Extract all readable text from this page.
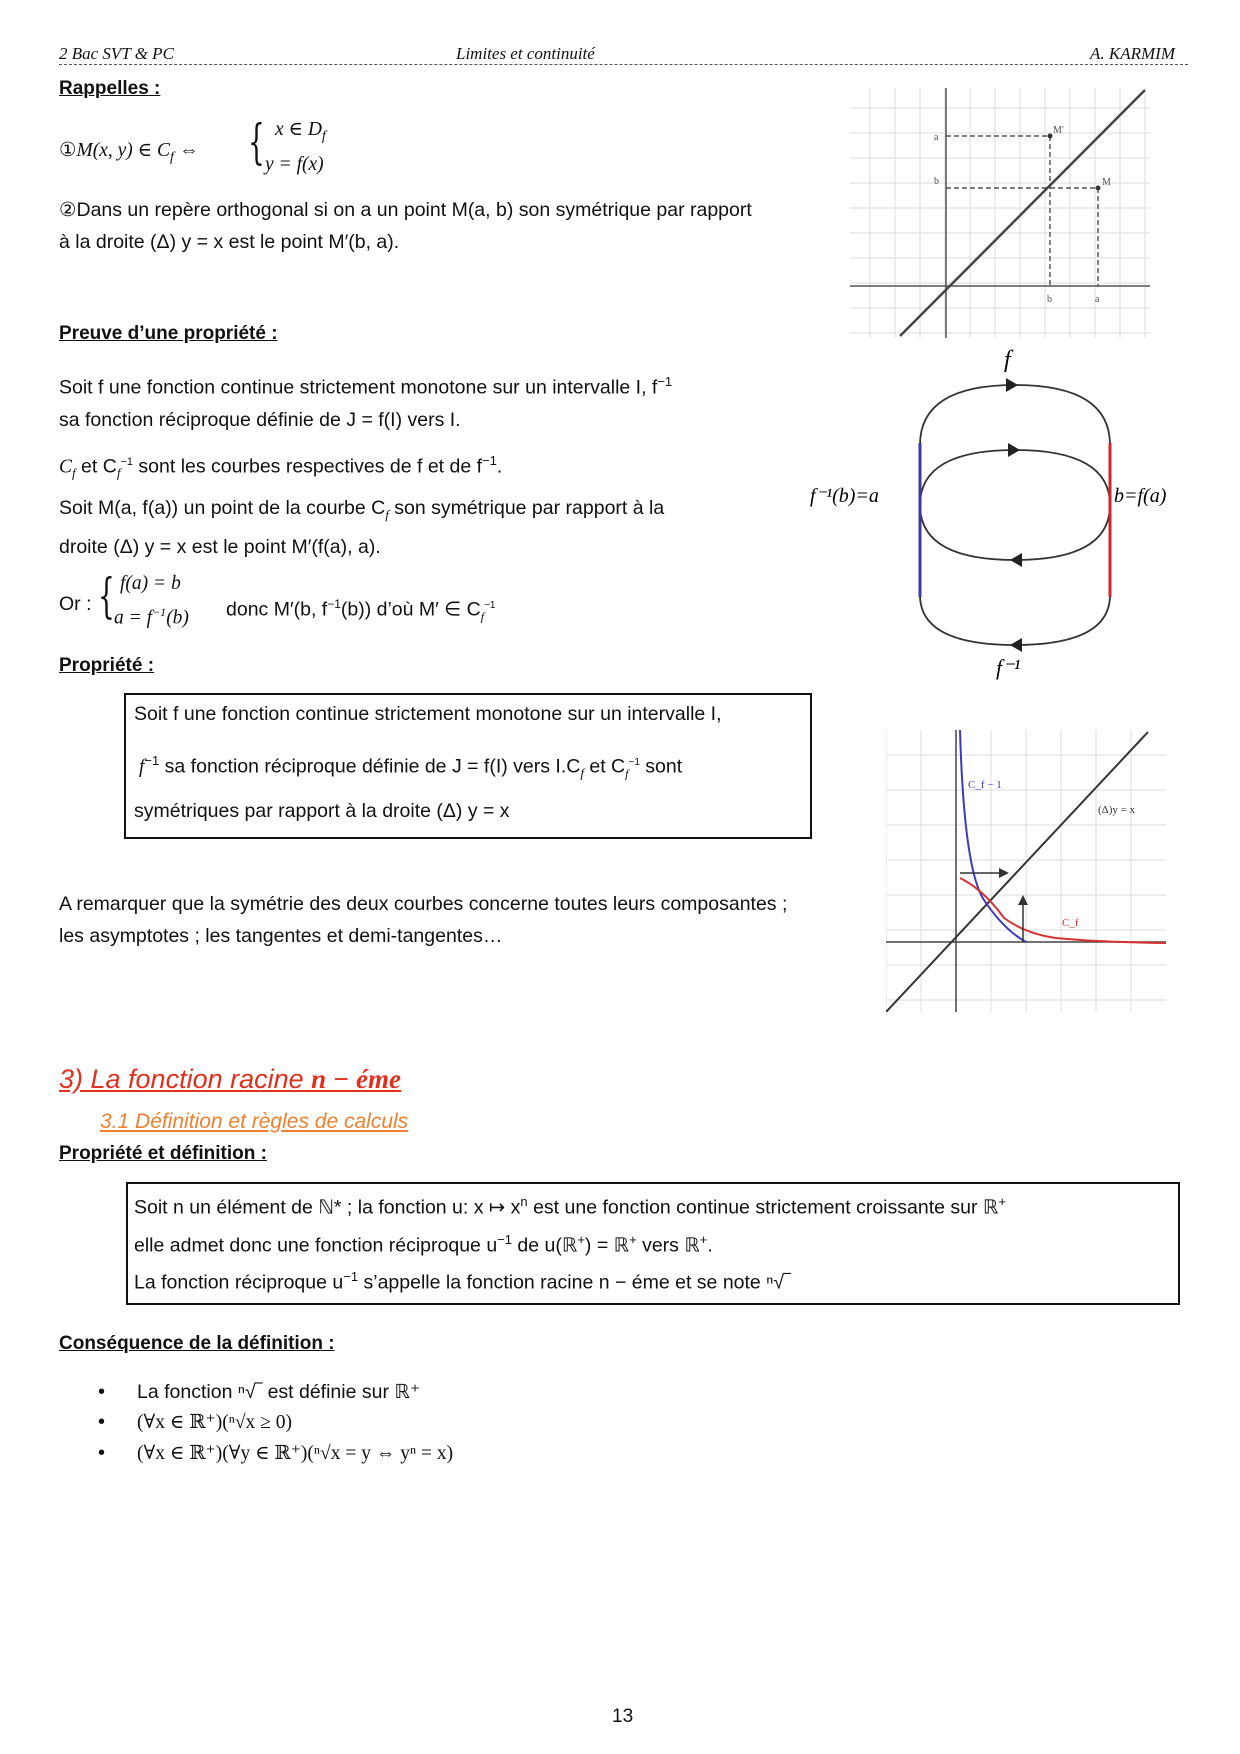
2 Bac SVT & PC	Limites et continuité	A. KARMIM
Rappelles :
①M(x, y) ∈ $C_f$ ⇔ { x ∈ $D_f$
y = f(x)
②Dans un repère orthogonal si on a un point M(a, b) son symétrique par rapport
à la droite (Δ) y = x est le point M′(b, a).
a
b
M′
M
b	a
Preuve d’une propriété :
Soit f une fonction continue strictement monotone sur un intervalle I, $f^{-1}$
sa fonction réciproque définie de J = f(I) vers I.
$C_f$ et $C_f^{-1}$ sont les courbes respectives de f et de $f^{-1}$.
Soit M(a, f(a)) un point de la courbe $C_f$ son symétrique par rapport à la
droite (Δ) y = x est le point M′(f(a), a).
Or : { f(a) = b
$a = f^{-1}(b)$ donc M′(b, $f^{-1}(b)$) d’où M′ ∈ $C_f^{-1}$
f
f⁻¹(b)=a	b=f(a)
f⁻¹
Propriété :
Soit f une fonction continue strictement monotone sur un intervalle I,
$f^{-1}$ sa fonction réciproque définie de J = f(I) vers $I.C_f$ et $C_f^{-1}$ sont
symétriques par rapport à la droite (Δ) y = x
C_f − 1
(Δ)y = x
C_f
A remarquer que la symétrie des deux courbes concerne toutes leurs composantes ;
les asymptotes ; les tangentes et demi-tangentes…
3) La fonction racine n − éme
3.1 Définition et règles de calculs
Propriété et définition :
Soit n un élément de ℕ* ; la fonction u: x ↦ $x^n$ est une fonction continue strictement croissante sur ℝ+
elle admet donc une fonction réciproque $u^{-1}$ de u(ℝ+) = ℝ+ vers ℝ+.
La fonction réciproque $u^{-1}$ s’appelle la fonction racine n − éme et se note ⁿ√‾
Conséquence de la définition :
• La fonction ⁿ√‾ est définie sur ℝ⁺
• (∀x ∈ ℝ⁺)(ⁿ√x ≥ 0)
• (∀x ∈ ℝ⁺)(∀y ∈ ℝ⁺)(ⁿ√x = y ⇔ yⁿ = x)
13
